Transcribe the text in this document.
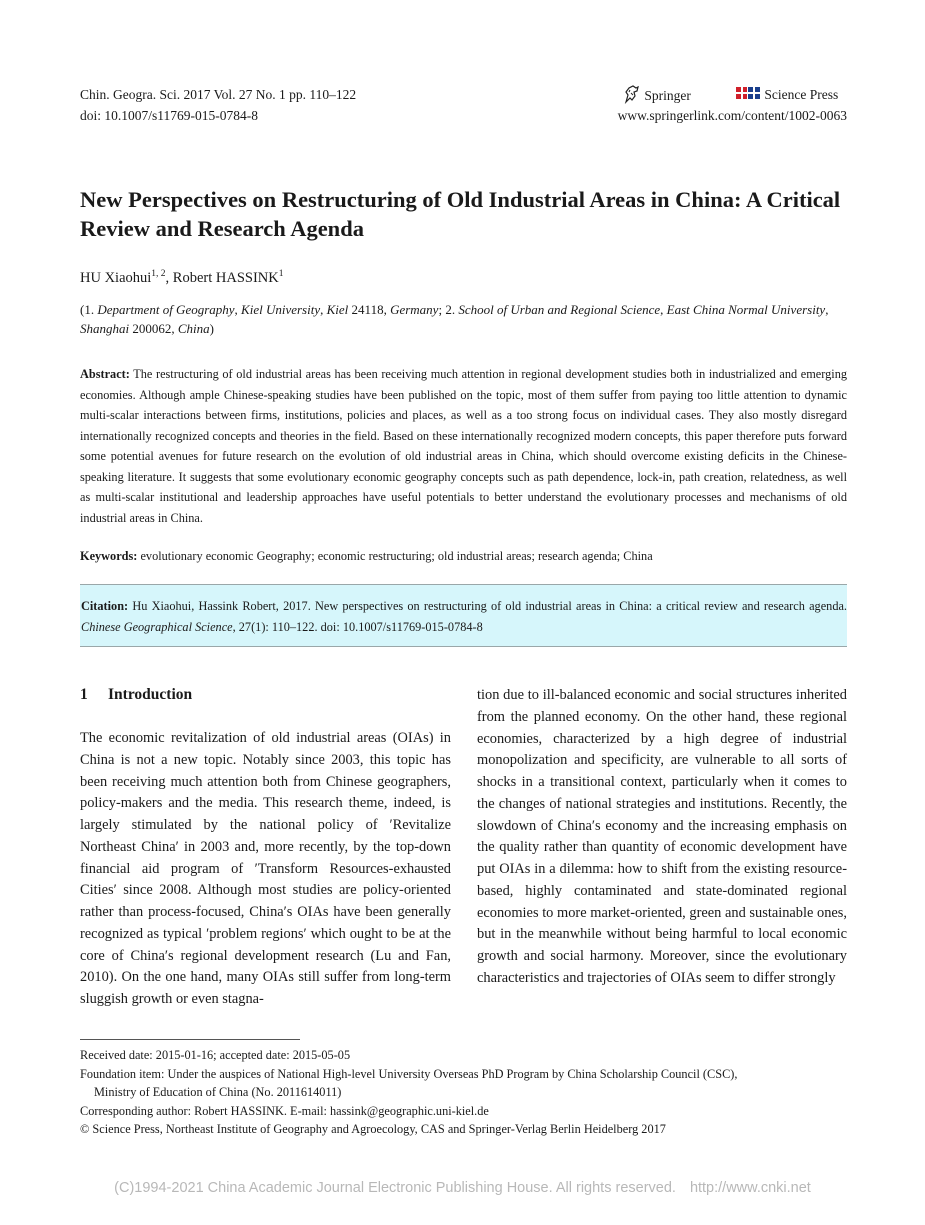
Chin. Geogra. Sci. 2017 Vol. 27 No. 1 pp. 110–122
doi: 10.1007/s11769-015-0784-8
Springer	Science Press
www.springerlink.com/content/1002-0063
New Perspectives on Restructuring of Old Industrial Areas in China: A Critical Review and Research Agenda
HU Xiaohui$^{1, 2}$, Robert HASSINK$^1$
(1. Department of Geography, Kiel University, Kiel 24118, Germany; 2. School of Urban and Regional Science, East China Normal University, Shanghai 200062, China)
Abstract: The restructuring of old industrial areas has been receiving much attention in regional development studies both in industrialized and emerging economies. Although ample Chinese-speaking studies have been published on the topic, most of them suffer from paying too little attention to dynamic multi-scalar interactions between firms, institutions, policies and places, as well as a too strong focus on individual cases. They also mostly disregard internationally recognized concepts and theories in the field. Based on these internationally recognized modern concepts, this paper therefore puts forward some potential avenues for future research on the evolution of old industrial areas in China, which should overcome existing deficits in the Chinese-speaking literature. It suggests that some evolutionary economic geography concepts such as path dependence, lock-in, path creation, relatedness, as well as multi-scalar institutional and leadership approaches have useful potentials to better understand the evolutionary processes and mechanisms of old industrial areas in China.
Keywords: evolutionary economic Geography; economic restructuring; old industrial areas; research agenda; China
Citation: Hu Xiaohui, Hassink Robert, 2017. New perspectives on restructuring of old industrial areas in China: a critical review and research agenda. Chinese Geographical Science, 27(1): 110–122. doi: 10.1007/s11769-015-0784-8
1 Introduction

The economic revitalization of old industrial areas (OIAs) in China is not a new topic. Notably since 2003, this topic has been receiving much attention both from Chinese geographers, policy-makers and the media. This research theme, indeed, is largely stimulated by the national policy of ′Revitalize Northeast China′ in 2003 and, more recently, by the top-down financial aid program of ′Transform Resources-exhausted Cities′ since 2008. Although most studies are policy-oriented rather than process-focused, China′s OIAs have been generally recognized as typical ′problem regions′ which ought to be at the core of China′s regional development research (Lu and Fan, 2010). On the one hand, many OIAs still suffer from long-term sluggish growth or even stagna-

tion due to ill-balanced economic and social structures inherited from the planned economy. On the other hand, these regional economies, characterized by a high degree of industrial monopolization and specificity, are vulnerable to all sorts of shocks in a transitional context, particularly when it comes to the changes of national strategies and institutions. Recently, the slowdown of China′s economy and the increasing emphasis on the quality rather than quantity of economic development have put OIAs in a dilemma: how to shift from the existing resource-based, highly contaminated and state-dominated regional economies to more market-oriented, green and sustainable ones, but in the meanwhile without being harmful to local economic growth and social harmony. Moreover, since the evolutionary characteristics and trajectories of OIAs seem to differ strongly

Received date: 2015-01-16; accepted date: 2015-05-05
Foundation item: Under the auspices of National High-level University Overseas PhD Program by China Scholarship Council (CSC),
Ministry of Education of China (No. 2011614011)
Corresponding author: Robert HASSINK. E-mail: hassink@geographic.uni-kiel.de
© Science Press, Northeast Institute of Geography and Agroecology, CAS and Springer-Verlag Berlin Heidelberg 2017
(C)1994-2021 China Academic Journal Electronic Publishing House. All rights reserved. http://www.cnki.net
